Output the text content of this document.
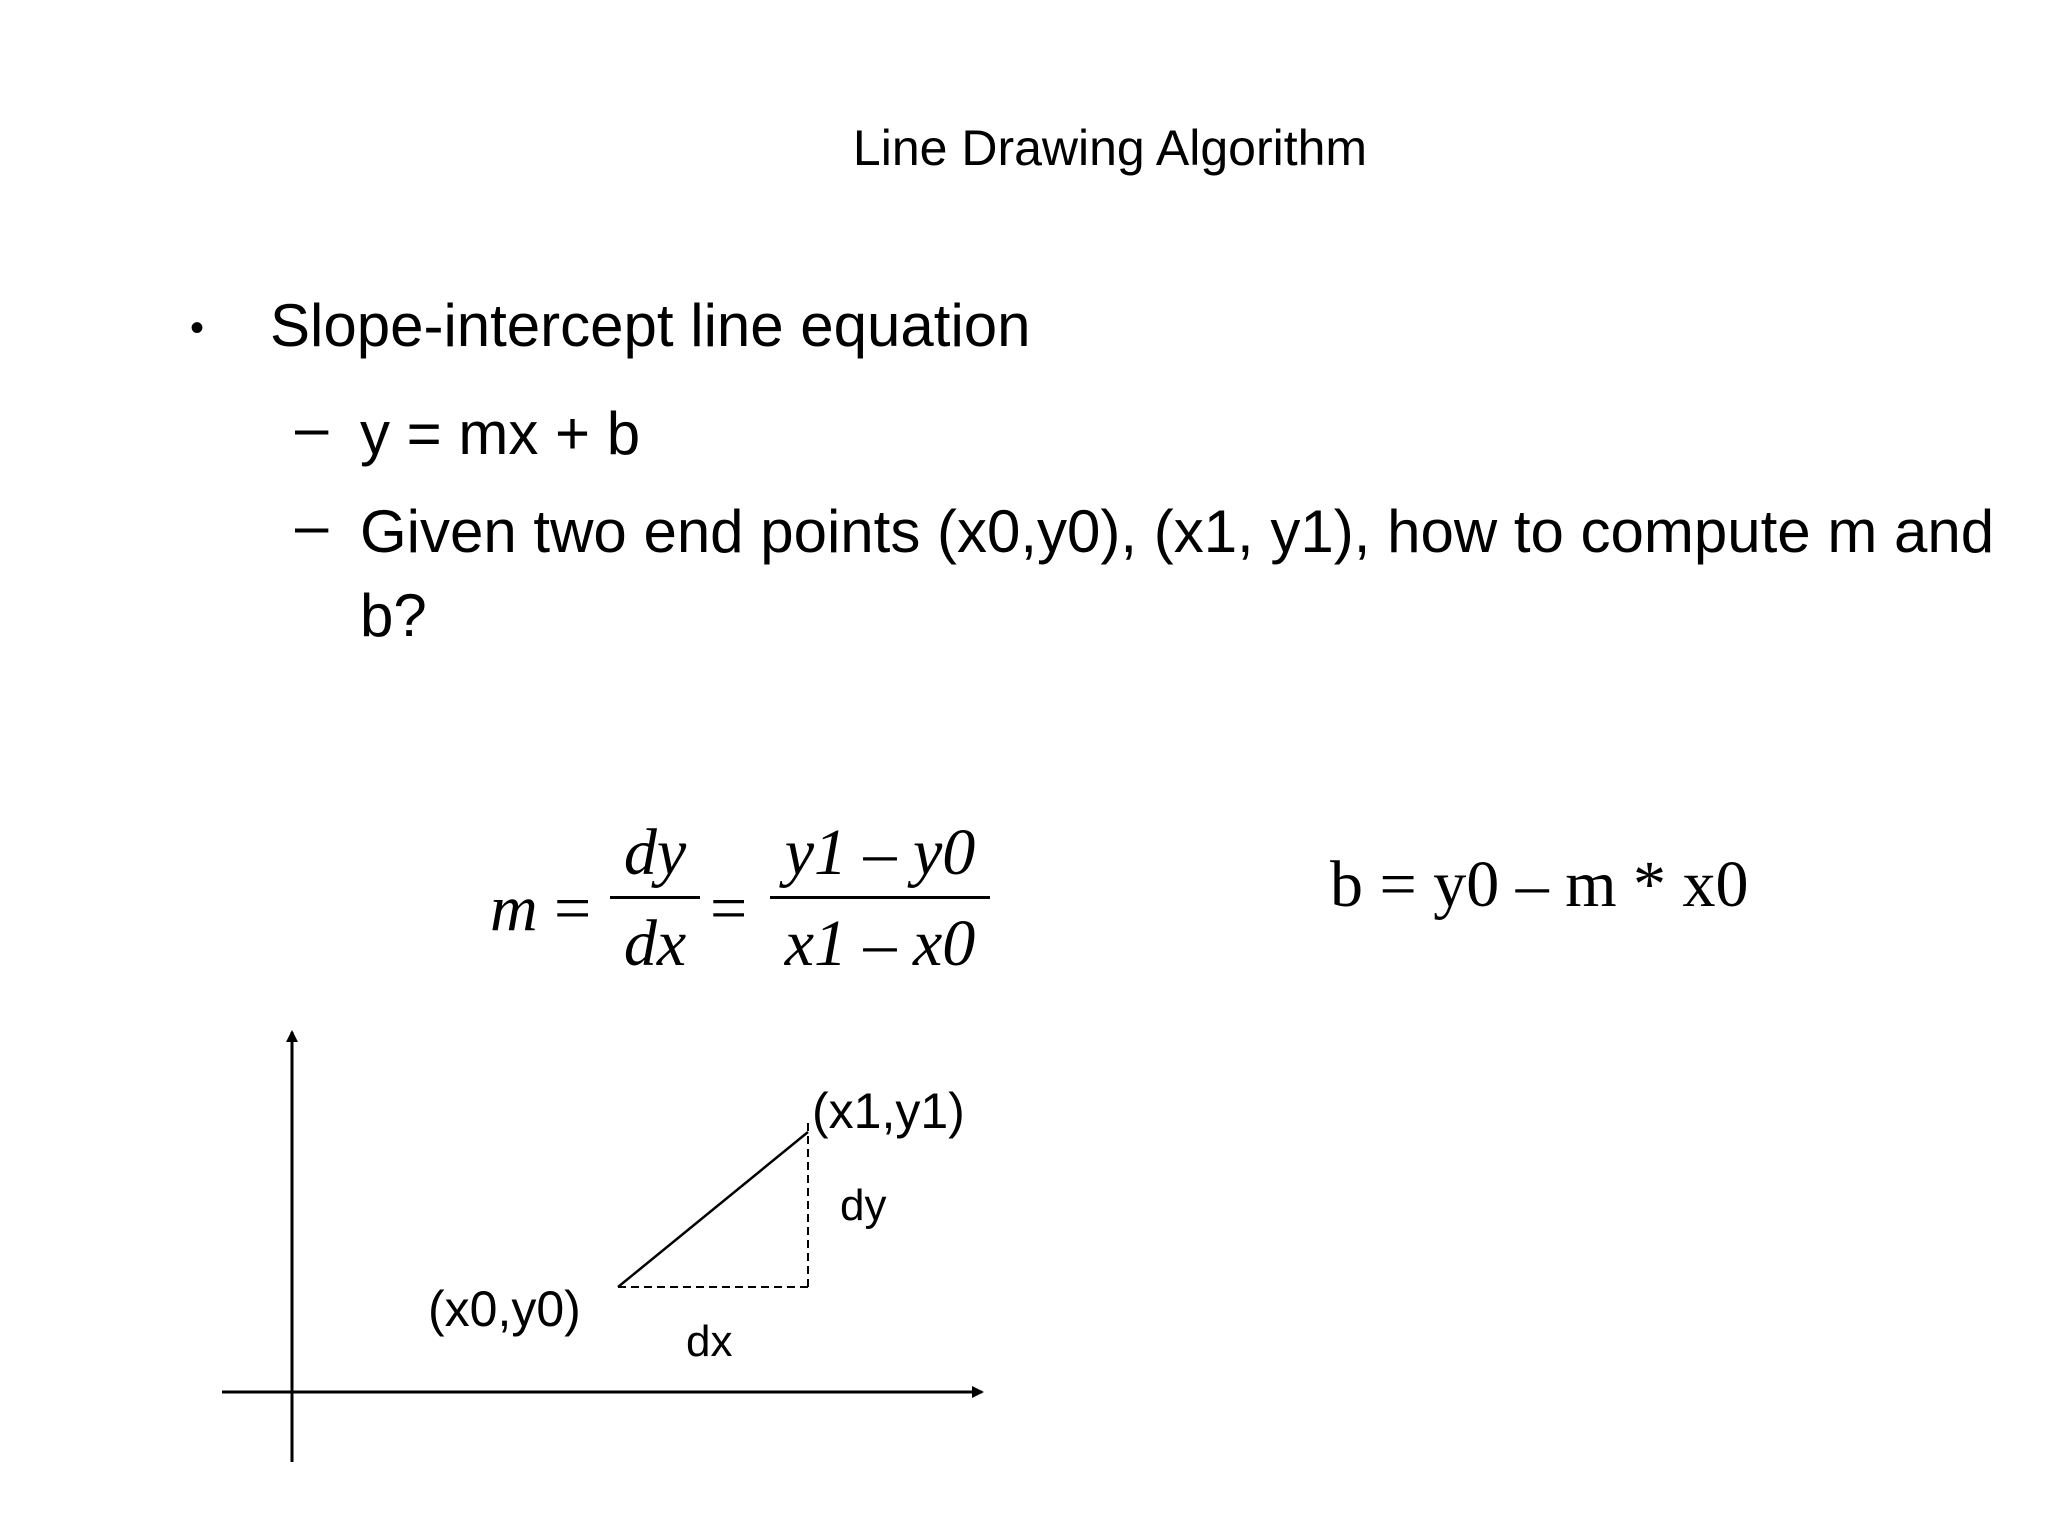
Line Drawing Algorithm
• Slope-intercept line equation
– y = mx + b
– Given two end points (x0,y0), (x1, y1), how to compute m and b?
m =
dy
dx =
y1 – y0
x1 – x0
b = y0 – m * x0
(x0,y0)
(x1,y1)
dx
dy
